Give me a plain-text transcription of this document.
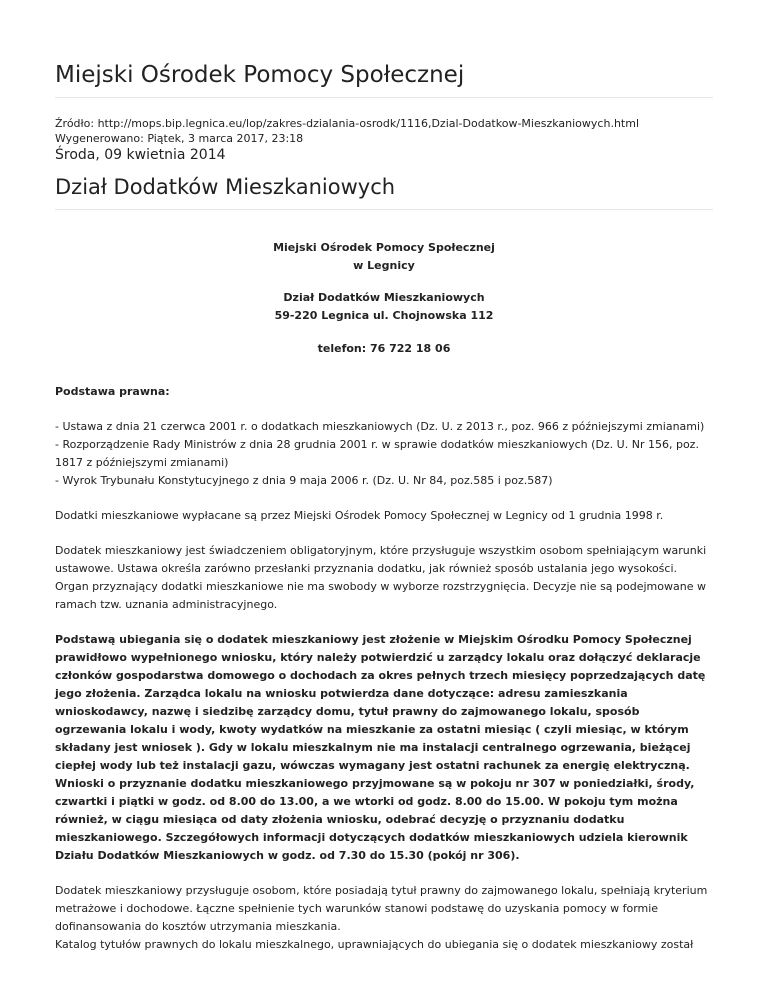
Miejski Ośrodek Pomocy Społecznej
Źródło: http://mops.bip.legnica.eu/lop/zakres-dzialania-osrodk/1116,Dzial-Dodatkow-Mieszkaniowych.html
Wygenerowano: Piątek, 3 marca 2017, 23:18
Środa, 09 kwietnia 2014
Dział Dodatków Mieszkaniowych
Miejski Ośrodek Pomocy Społecznej
w Legnicy
Dział Dodatków Mieszkaniowych
59-220 Legnica ul. Chojnowska 112
telefon: 76 722 18 06
Podstawa prawna:
- Ustawa z dnia 21 czerwca 2001 r. o dodatkach mieszkaniowych (Dz. U. z 2013 r., poz. 966 z późniejszymi zmianami)
- Rozporządzenie Rady Ministrów z dnia 28 grudnia 2001 r. w sprawie dodatków mieszkaniowych (Dz. U. Nr 156, poz. 1817 z późniejszymi zmianami)
- Wyrok Trybunału Konstytucyjnego z dnia 9 maja 2006 r. (Dz. U. Nr 84, poz.585 i poz.587)

Dodatki mieszkaniowe wypłacane są przez Miejski Ośrodek Pomocy Społecznej w Legnicy od 1 grudnia 1998 r.

Dodatek mieszkaniowy jest świadczeniem obligatoryjnym, które przysługuje wszystkim osobom spełniającym warunki ustawowe. Ustawa określa zarówno przesłanki przyznania dodatku, jak również sposób ustalania jego wysokości. Organ przyznający dodatki mieszkaniowe nie ma swobody w wyborze rozstrzygnięcia. Decyzje nie są podejmowane w ramach tzw. uznania administracyjnego.

Podstawą ubiegania się o dodatek mieszkaniowy jest złożenie w Miejskim Ośrodku Pomocy Społecznej prawidłowo wypełnionego wniosku, który należy potwierdzić u zarządcy lokalu oraz dołączyć deklaracje członków gospodarstwa domowego o dochodach za okres pełnych trzech miesięcy poprzedzających datę jego złożenia. Zarządca lokalu na wniosku potwierdza dane dotyczące: adresu zamieszkania wnioskodawcy, nazwę i siedzibę zarządcy domu, tytuł prawny do zajmowanego lokalu, sposób ogrzewania lokalu i wody, kwoty wydatków na mieszkanie za ostatni miesiąc ( czyli miesiąc, w którym składany jest wniosek ). Gdy w lokalu mieszkalnym nie ma instalacji centralnego ogrzewania, bieżącej ciepłej wody lub też instalacji gazu, wówczas wymagany jest ostatni rachunek za energię elektryczną.

Wnioski o przyznanie dodatku mieszkaniowego przyjmowane są w pokoju nr 307 w poniedziałki, środy, czwartki i piątki w godz. od 8.00 do 13.00, a we wtorki od godz. 8.00 do 15.00. W pokoju tym można również, w ciągu miesiąca od daty złożenia wniosku, odebrać decyzję o przyznaniu dodatku mieszkaniowego. Szczegółowych informacji dotyczących dodatków mieszkaniowych udziela kierownik Działu Dodatków Mieszkaniowych w godz. od 7.30 do 15.30 (pokój nr 306).

Dodatek mieszkaniowy przysługuje osobom, które posiadają tytuł prawny do zajmowanego lokalu, spełniają kryterium metrażowe i dochodowe. Łączne spełnienie tych warunków stanowi podstawę do uzyskania pomocy w formie dofinansowania do kosztów utrzymania mieszkania.

Katalog tytułów prawnych do lokalu mieszkalnego, uprawniających do ubiegania się o dodatek mieszkaniowy został
